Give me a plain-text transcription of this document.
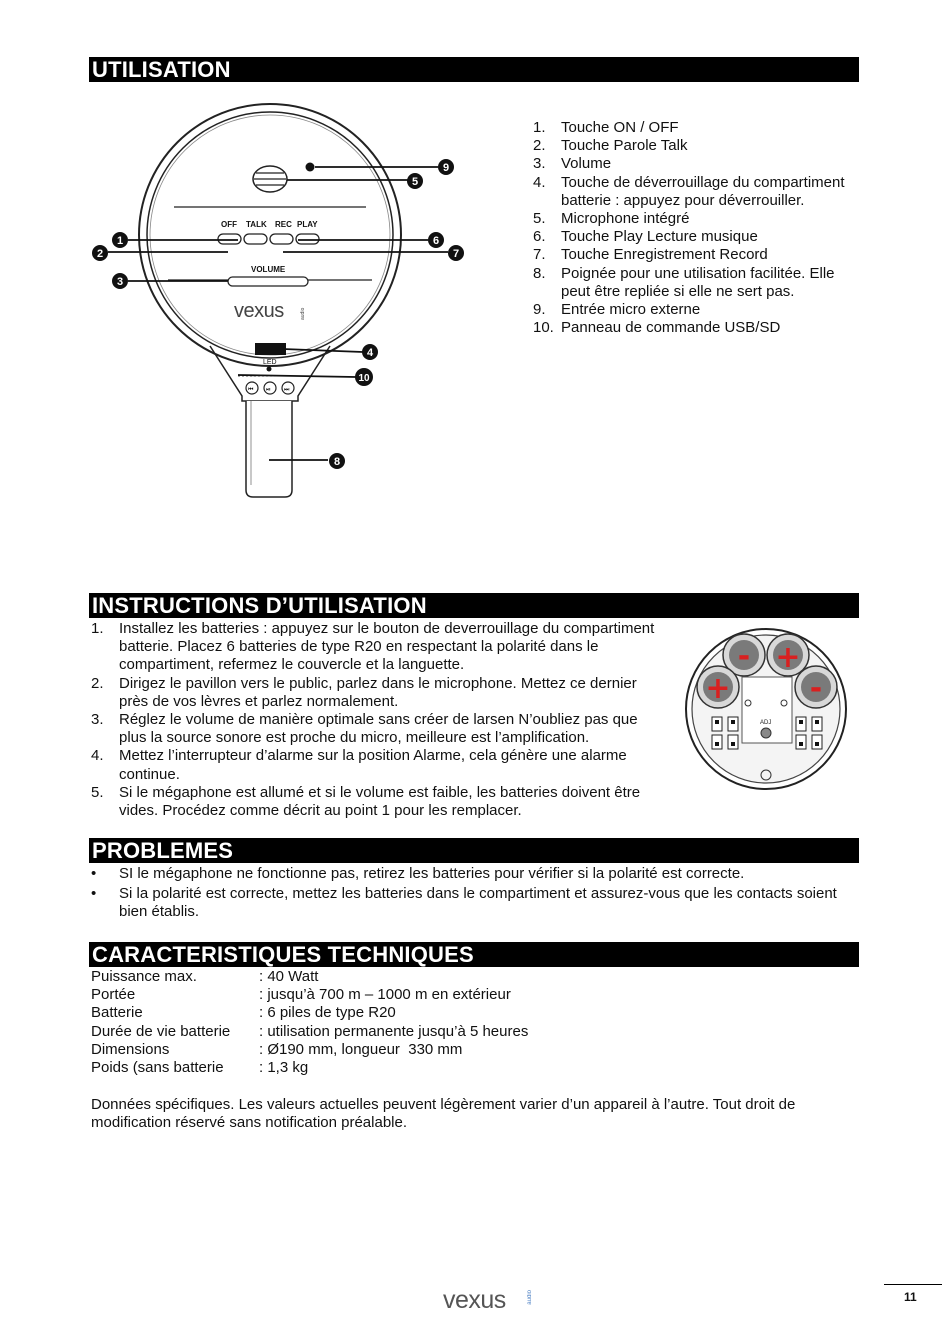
UTILISATION
OFF TALK REC PLAY
VOLUME
vexus	audio
LED
⏮ ⏯ ⏭
1
2
3
4
5
6
7
8
9
10
1. Touche ON / OFF
2. Touche Parole Talk
3. Volume
4. Touche de déverrouillage du compartiment batterie : appuyez pour déverrouiller.
5. Microphone intégré
6. Touche Play Lecture musique
7. Touche Enregistrement Record
8. Poignée pour une utilisation facilitée. Elle peut être repliée si elle ne sert pas.
9. Entrée micro externe
10. Panneau de commande USB/SD
INSTRUCTIONS D’UTILISATION
1. Installez les batteries : appuyez sur le bouton de deverrouillage du compartiment batterie. Placez 6 batteries de type R20 en respectant la polarité dans le compartiment, refermez le couvercle et la languette.
2. Dirigez le pavillon vers le public, parlez dans le microphone. Mettez ce dernier près de vos lèvres et parlez normalement.
3. Réglez le volume de manière optimale sans créer de larsen N’oubliez pas que plus la source sonore est proche du micro, meilleure est l’amplification.
4. Mettez l’interrupteur d’alarme sur la position Alarme, cela génère une alarme continue.
5. Si le mégaphone est allumé et si le volume est faible, les batteries doivent être vides. Procédez comme décrit au point 1 pour les remplacer.
- +
+	-
ADJ
PROBLEMES
• SI le mégaphone ne fonctionne pas, retirez les batteries pour vérifier si la polarité est correcte.
• Si la polarité est correcte, mettez les batteries dans le compartiment et assurez-vous que les contacts soient bien établis.
CARACTERISTIQUES TECHNIQUES
Puissance max.	: 40 Watt
Portée	: jusqu’à 700 m – 1000 m en extérieur
Batterie	: 6 piles de type R20
Durée de vie batterie	: utilisation permanente jusqu’à 5 heures
Dimensions	: Ø190 mm, longueur  330 mm
Poids (sans batterie	: 1,3 kg
Données spécifiques. Les valeurs actuelles peuvent légèrement varier d’un appareil à l’autre. Tout droit de modification réservé sans notification préalable.
vexus	audio	11
